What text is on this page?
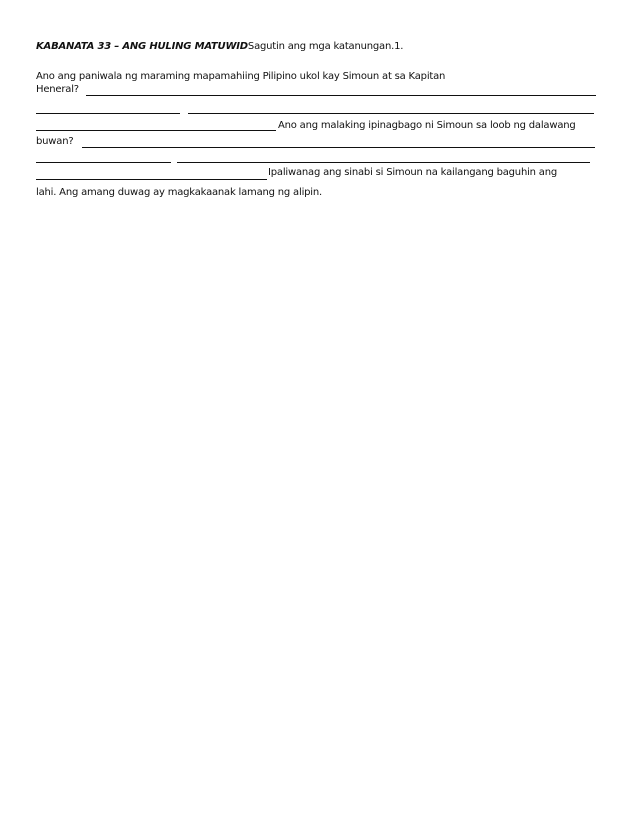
KABANATA 33 – ANG HULING MATUWIDSagutin ang mga katanungan.1.
Ano ang paniwala ng maraming mapamahiing Pilipino ukol kay Simoun at sa Kapitan
Heneral?
Ano ang malaking ipinagbago ni Simoun sa loob ng dalawang
buwan?
Ipaliwanag ang sinabi si Simoun na kailangang baguhin ang
lahi. Ang amang duwag ay magkakaanak lamang ng alipin.
